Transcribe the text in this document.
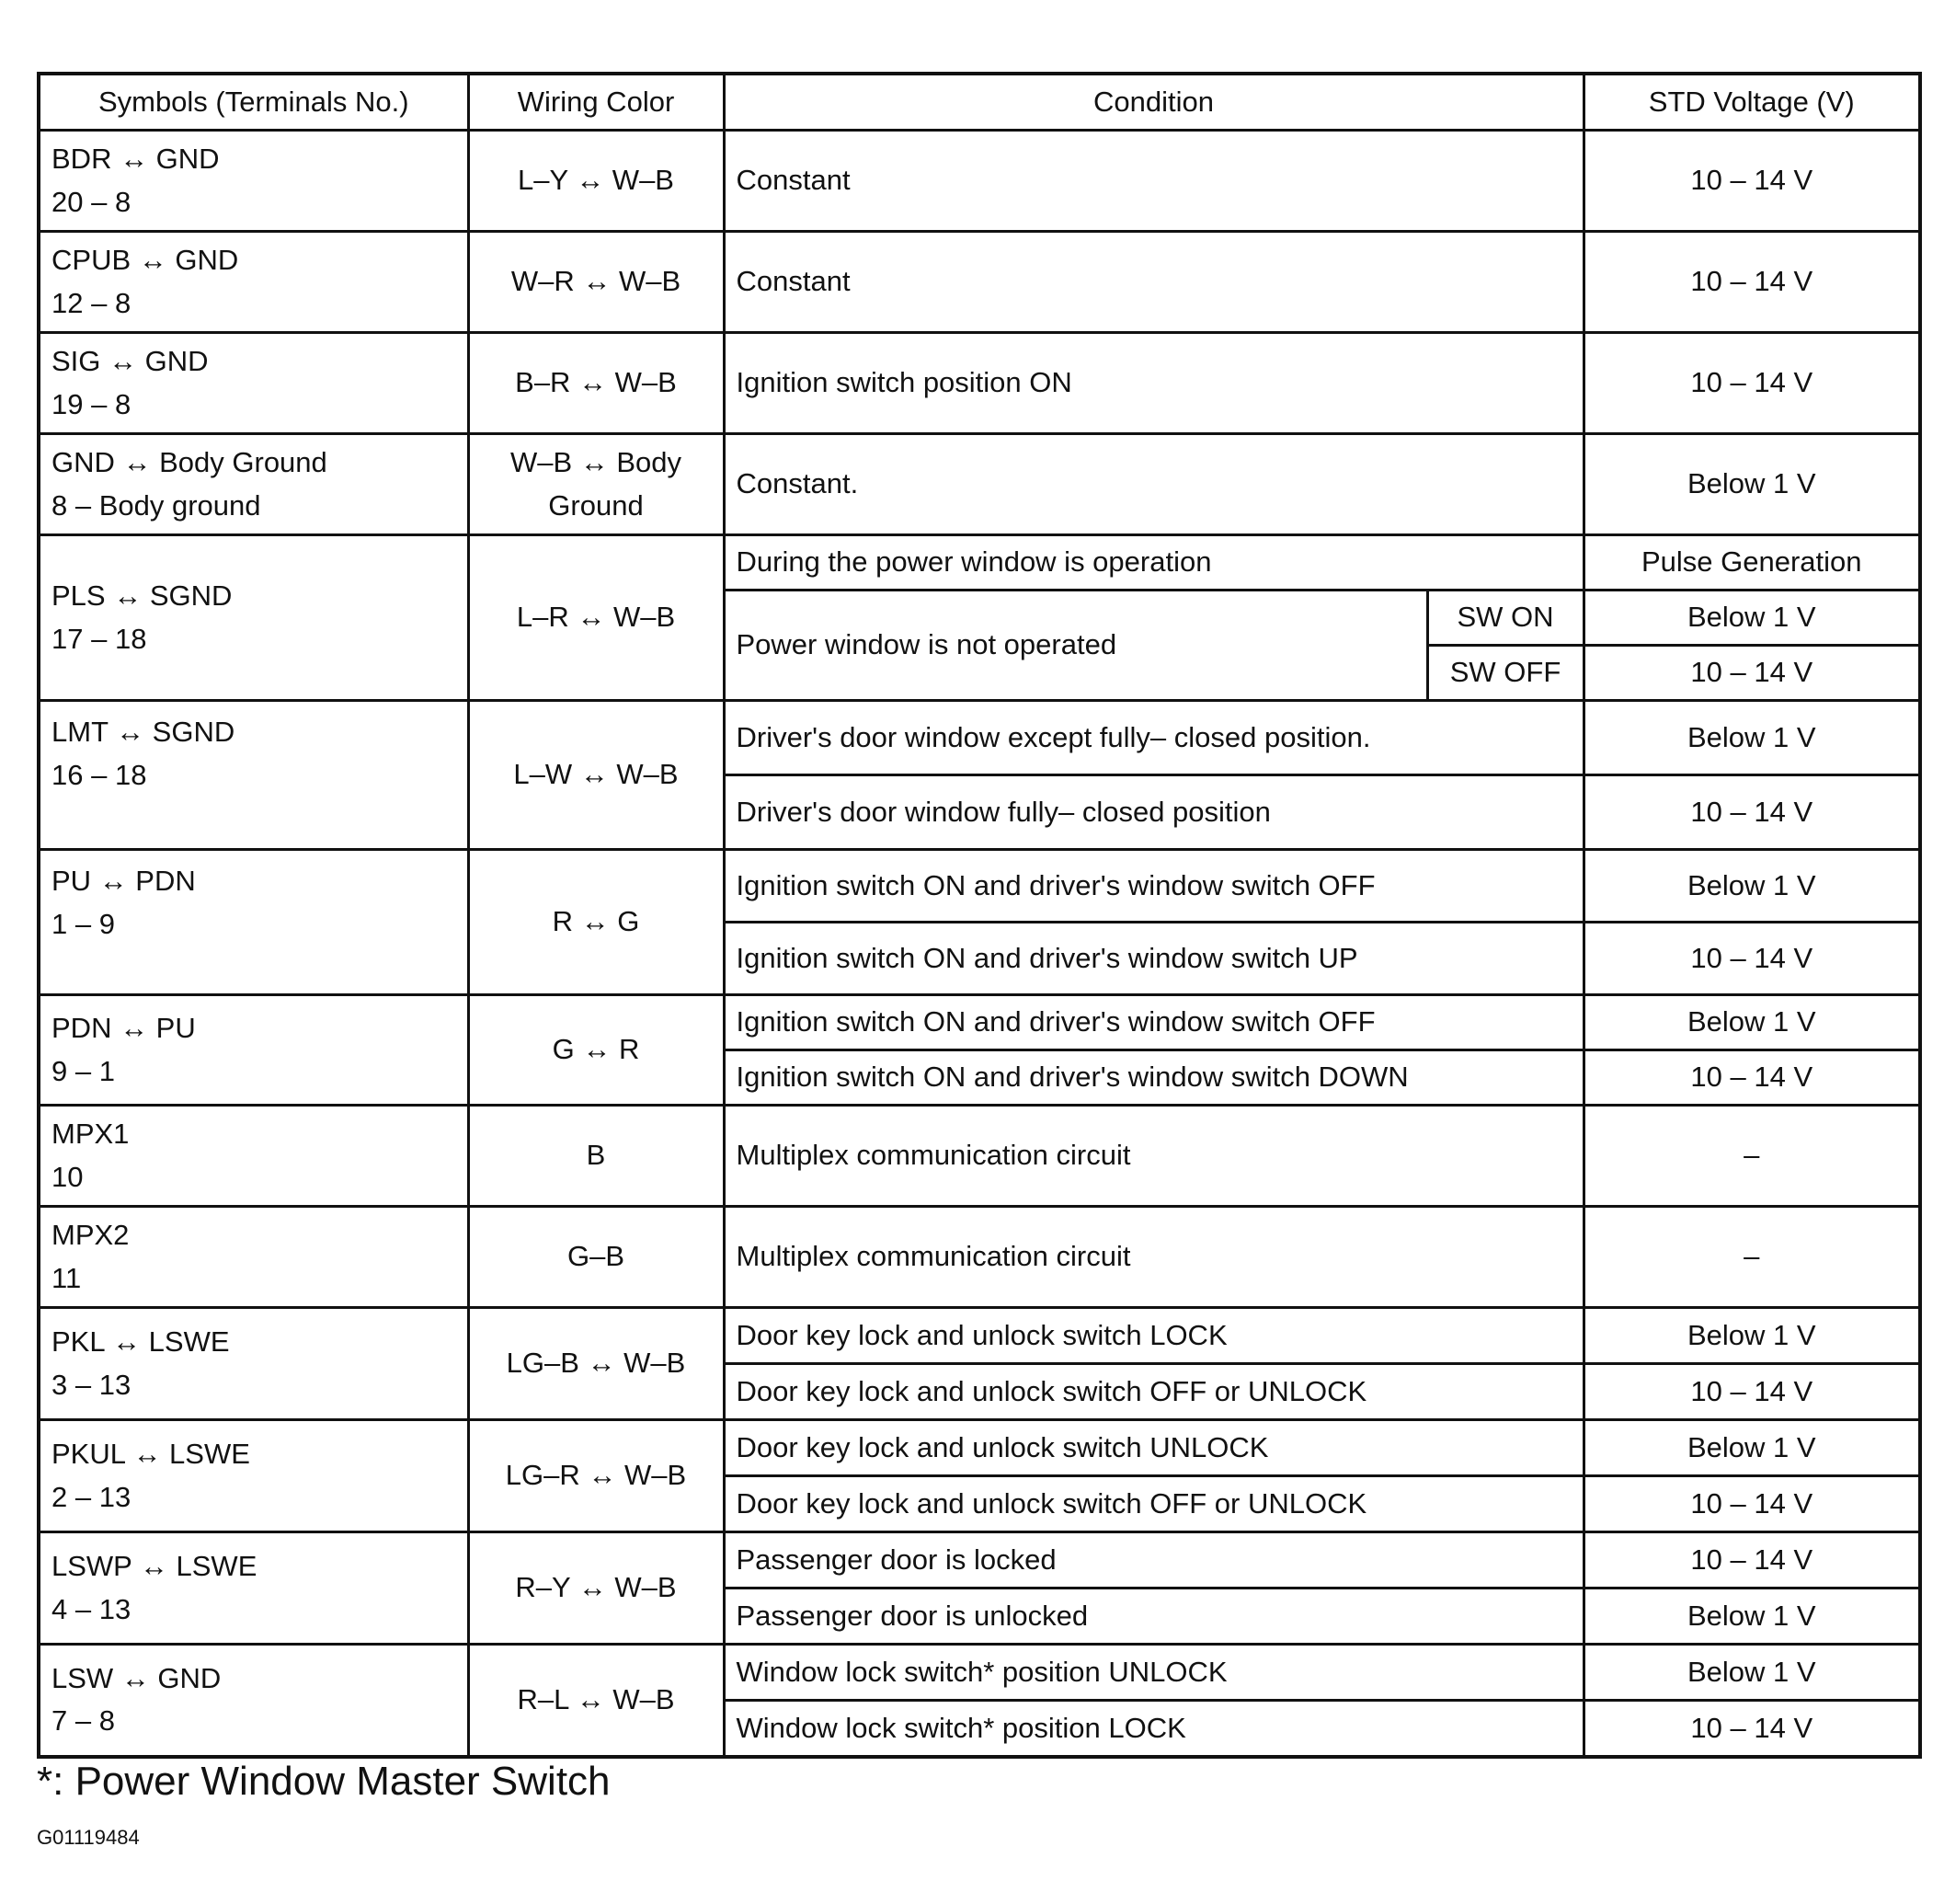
Symbols (Terminals No.)	Wiring Color	Condition		STD Voltage (V)

BDR ↔ GND
20 – 8	L–Y ↔ W–B	Constant		10 – 14 V

CPUB ↔ GND
12 – 8	W–R ↔ W–B	Constant		10 – 14 V

SIG ↔ GND
19 – 8	B–R ↔ W–B	Ignition switch position ON		10 – 14 V

GND ↔ Body Ground
8 – Body ground	W–B ↔ Body
Ground	Constant.		Below 1 V

PLS ↔ SGND
17 – 18	L–R ↔ W–B	During the power window is operation		Pulse Generation
		Power window is not operated	SW ON	Below 1 V
			SW OFF	10 – 14 V

LMT ↔ SGND
16 – 18	L–W ↔ W–B	Driver's door window except fully– closed position.		Below 1 V
		Driver's door window fully– closed position		10 – 14 V

PU ↔ PDN
1 – 9	R ↔ G	Ignition switch ON and driver's window switch OFF		Below 1 V
		Ignition switch ON and driver's window switch UP		10 – 14 V

PDN ↔ PU
9 – 1	G ↔ R	Ignition switch ON and driver's window switch OFF		Below 1 V
		Ignition switch ON and driver's window switch DOWN		10 – 14 V

MPX1
10	B	Multiplex communication circuit		–

MPX2
11	G–B	Multiplex communication circuit		–

PKL ↔ LSWE
3 – 13	LG–B ↔ W–B	Door key lock and unlock switch LOCK		Below 1 V
		Door key lock and unlock switch OFF or UNLOCK		10 – 14 V

PKUL ↔ LSWE
2 – 13	LG–R ↔ W–B	Door key lock and unlock switch UNLOCK		Below 1 V
		Door key lock and unlock switch OFF or UNLOCK		10 – 14 V

LSWP ↔ LSWE
4 – 13	R–Y ↔ W–B	Passenger door is locked		10 – 14 V
		Passenger door is unlocked		Below 1 V

LSW ↔ GND
7 – 8	R–L ↔ W–B	Window lock switch* position UNLOCK		Below 1 V
		Window lock switch* position LOCK		10 – 14 V
*: Power Window Master Switch
G01119484
